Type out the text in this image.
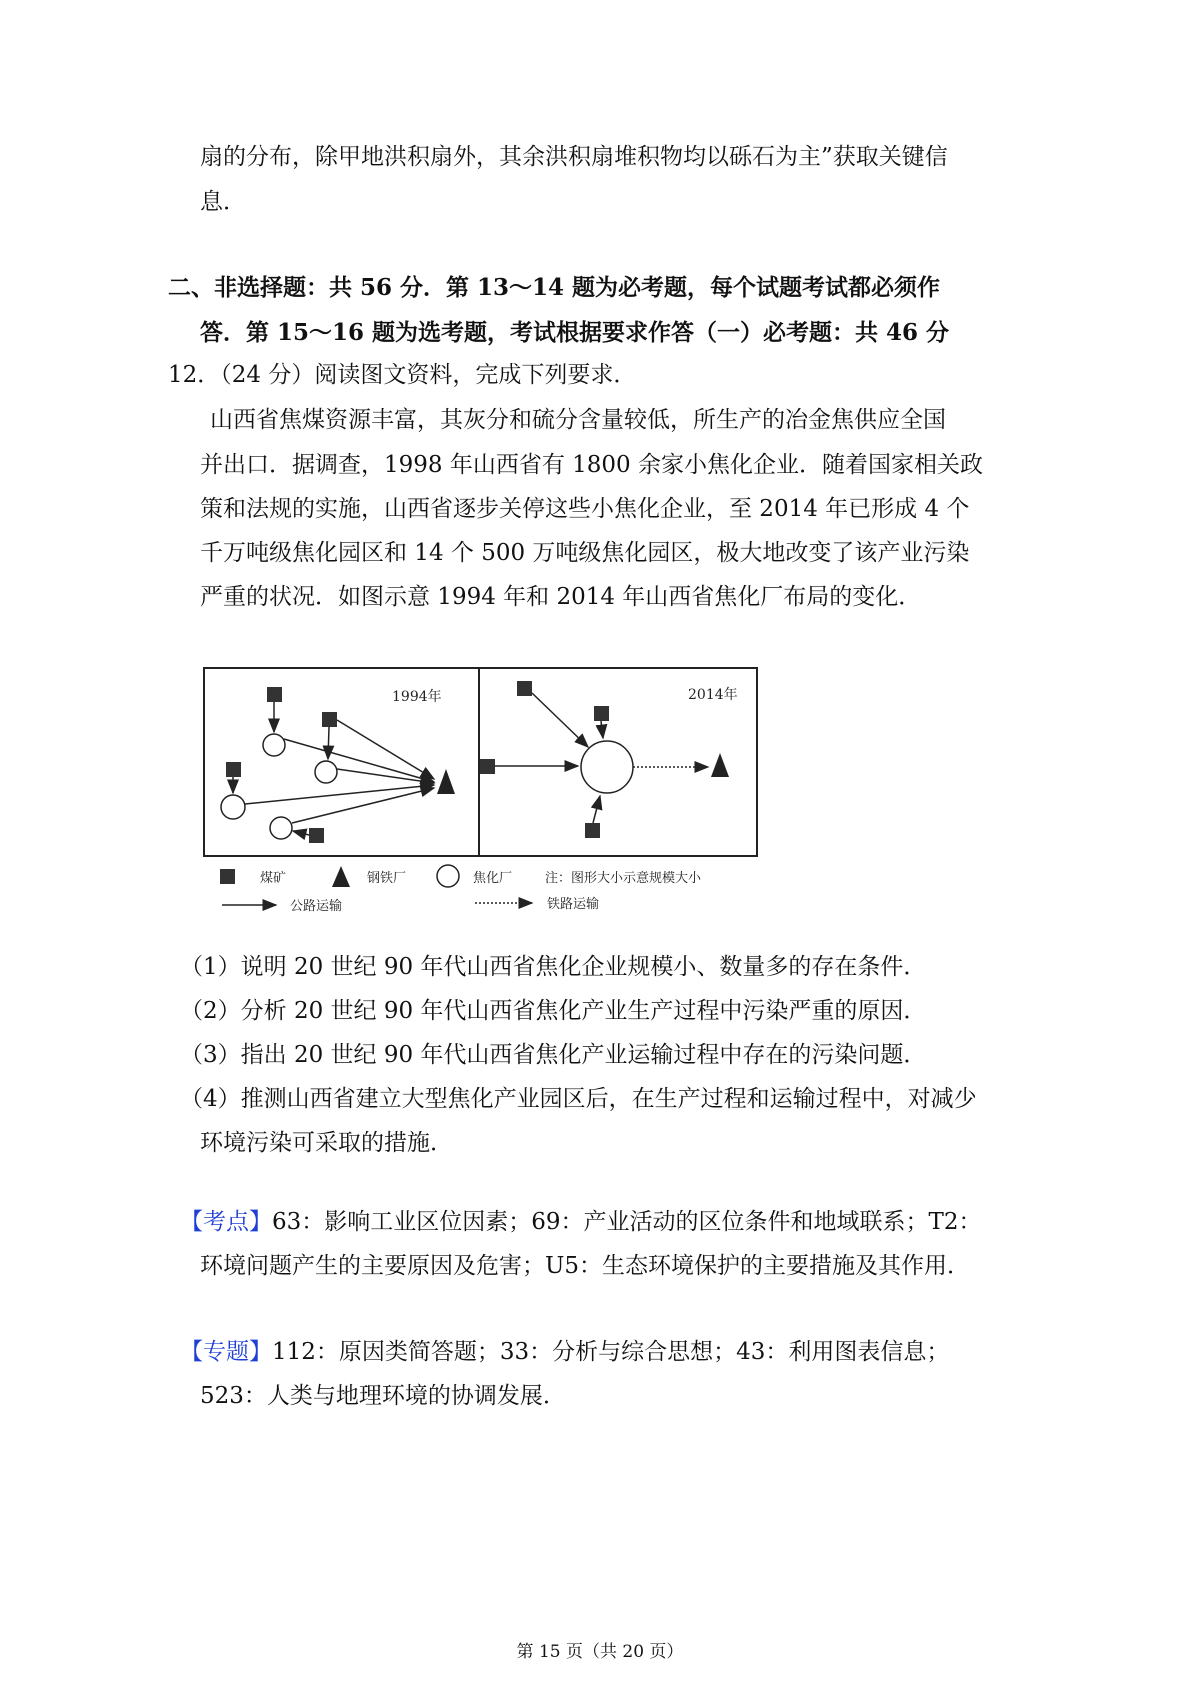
扇的分布，除甲地洪积扇外，其余洪积扇堆积物均以砾石为主”获取关键信
息．
二、非选择题：共 56 分．第 13～14 题为必考题，每个试题考试都必须作
答．第 15～16 题为选考题，考试根据要求作答（一）必考题：共 46 分
12．（24 分）阅读图文资料，完成下列要求．
山西省焦煤资源丰富，其灰分和硫分含量较低，所生产的冶金焦供应全国
并出口．据调查，1998 年山西省有 1800 余家小焦化企业．随着国家相关政
策和法规的实施，山西省逐步关停这些小焦化企业，至 2014 年已形成 4 个
千万吨级焦化园区和 14 个 500 万吨级焦化园区，极大地改变了该产业污染
严重的状况．如图示意 1994 年和 2014 年山西省焦化厂布局的变化．
1994年	2014年
煤矿	钢铁厂	焦化厂	注：图形大小示意规模大小
公路运输	铁路运输
（1）说明 20 世纪 90 年代山西省焦化企业规模小、数量多的存在条件．
（2）分析 20 世纪 90 年代山西省焦化产业生产过程中污染严重的原因．
（3）指出 20 世纪 90 年代山西省焦化产业运输过程中存在的污染问题．
（4）推测山西省建立大型焦化产业园区后，在生产过程和运输过程中，对减少
环境污染可采取的措施．
【考点】63：影响工业区位因素；69：产业活动的区位条件和地域联系；T2：
环境问题产生的主要原因及危害；U5：生态环境保护的主要措施及其作用．
【专题】112：原因类简答题；33：分析与综合思想；43：利用图表信息；
523：人类与地理环境的协调发展．
第 15 页（共 20 页）
